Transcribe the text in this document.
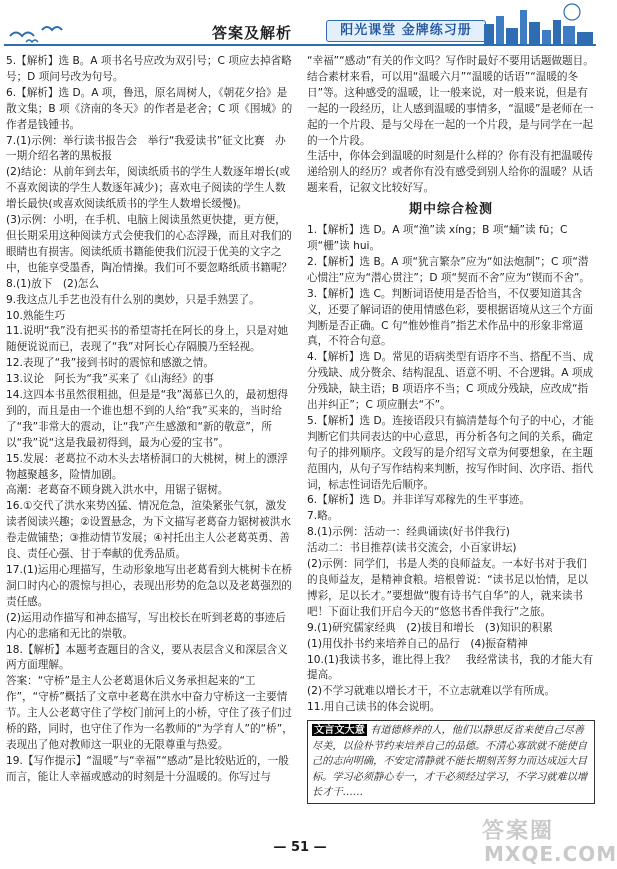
答案及解析	阳光课堂 金牌练习册

5.【解析】选 B。A 项书名号应改为双引号；C 项应去掉省略号；D 项问号改为句号。

6.【解析】选 D。A 项，鲁迅，原名周树人，《朝花夕拾》是散文集；B 项《济南的冬天》的作者是老舍；C 项《围城》的作者是钱锺书。

7.(1)示例：举行读书报告会　举行“我爱读书”征文比赛　办一期介绍名著的黑板报

(2)结论：从前年到去年，阅读纸质书的学生人数逐年增长(或不喜欢阅读的学生人数逐年减少)；喜欢电子阅读的学生人数增长最快(或喜欢阅读纸质书的学生人数增长缓慢)。

(3)示例：小明，在手机、电脑上阅读虽然更快捷，更方便，但长期采用这种阅读方式会使我们的心态浮躁，而且对我们的眼睛也有损害。阅读纸质书籍能使我们沉浸于优美的文字之中，也能享受墨香，陶冶情操。我们可不要忽略纸质书籍呢？

8.(1)放下　(2)怎么

9.我这点儿手艺也没有什么别的奥妙，只是手熟罢了。

10.熟能生巧

11.说明“我”没有把买书的希望寄托在阿长的身上，只是对她随便说说而已，表现了“我”对阿长心存隔膜乃至轻视。

12.表现了“我”接到书时的震惊和感激之情。

13.议论　阿长为“我”买来了《山海经》的事

14.这四本书虽然很粗拙，但是是“我”渴慕已久的，最初想得到的，而且是由一个谁也想不到的人给“我”买来的，当时给了“我”非常大的震动，让“我”产生感激和“新的敬意”，所以“我”说“这是我最初得到，最为心爱的宝书”。

15.发展：老葛拉不动木头去堵桥洞口的大桃树，树上的漂浮物越聚越多，险情加剧。

高潮：老葛奋不顾身跳入洪水中，用锯子锯树。

16.①交代了洪水来势凶猛、情况危急，渲染紧张气氛，激发读者阅读兴趣；②设置悬念，为下文描写老葛奋力锯树被洪水卷走做铺垫；③推动情节发展；④衬托出主人公老葛英勇、善良、责任心强、甘于奉献的优秀品质。

17.(1)运用心理描写，生动形象地写出老葛看到大桃树卡在桥洞口时内心的震惊与担心，表现出形势的危急以及老葛强烈的责任感。

(2)运用动作描写和神态描写，写出校长在听到老葛的事迹后内心的悲痛和无比的崇敬。

18.【解析】本题考查题目的含义，要从表层含义和深层含义两方面理解。

答案：“守桥”是主人公老葛退休后义务承担起来的“工作”，“守桥”概括了文章中老葛在洪水中奋力守桥这一主要情节。主人公老葛守住了学校门前河上的小桥，守住了孩子们过桥的路，同时，也守住了作为一名教师的“为学育人”的“桥”，表现出了他对教师这一职业的无限尊重与热爱。

19.【写作提示】“温暖”与“幸福”“感动”是比较贴近的，一般而言，能让人幸福或感动的时刻是十分温暖的。你写过与

“幸福”“感动”有关的作文吗？写作时最好不要用话题做题目。结合素材来看，可以用“温暖六月”“温暖的话语”“温暖的冬日”等。这种感受的温暖，让一般来说，对一般来说，但是有一起的一段经历，让人感到温暖的事情多，“温暖”是老师在一起的一个片段、是与父母在一起的一个片段，是与同学在一起的一个片段。

生活中，你体会到温暖的时刻是什么样的？你有没有把温暖传递给别人的经历？或者你有没有感受到别人给你的温暖？从话题来看，记叙文比较好写。

期中综合检测

1.【解析】选 D。A 项“渔”读 xíng；B 项“蛹”读 fū；C 项“栅”读 hui。

2.【解析】选 B。A 项“犹言繁杂”应为“如法炮制”；C 项“潜心惯注”应为“潜心贯注”；D 项“契而不舍”应为“锲而不舍”。

3.【解析】选 C。判断词语使用是否恰当，不仅要知道其含义，还要了解词语的使用情感色彩，要根据语境从这三个方面判断是否正确。C 句“惟妙惟肖”指艺术作品中的形象非常逼真，不符合句意。

4.【解析】选 D。常见的语病类型有语序不当、搭配不当、成分残缺、成分赘余、结构混乱、语意不明、不合逻辑。A 项成分残缺，缺主语；B 项语序不当；C 项成分残缺，应改成“指出并纠正”；C 项应删去“不”。

5.【解析】选 D。连接语段只有搞清楚每个句子的中心，才能判断它们共同表达的中心意思，再分析各句之间的关系，确定句子的排列顺序。文段写的是介绍写文章为何要想象，在主题范围内，从句子写作结构来判断，按写作时间、次序语、指代词，标志性词语先后顺序。

6.【解析】选 D。并非详写邓稼先的生平事迹。

7.略。

8.(1)示例：活动一：经典诵读(好书伴我行)

活动二：书目推荐(读书交流会，小百家讲坛)

(2)示例：同学们，书是人类的良师益友。一本好书对于我们的良师益友，是精神食粮。培根曾说：“读书足以怡情，足以博彩，足以长才。”要想做“腹有诗书气自华”的人，就来读书吧！下面让我们开启今天的“悠悠书香伴我行”之旅。

9.(1)研究儒家经典　(2)拔目和增长　(3)知识的积累

(1)用伐扑书约来培养自己的品行　(4)振奋精神

10.(1)我读书多，谁比得上我？　我经常读书，我的才能大有提高。

(2)不学习就难以增长才干，不立志就难以学有所成。

11.用自己读书的体会说明。

文言文大意 有道德修养的人，他们以静思反省来使自己尽善尽美，以俭朴节约来培养自己的品德。不清心寡欲就不能使自己的志向明确，不安定清静就不能长期刻苦努力而达成远大目标。学习必须静心专一，才干必须经过学习，不学习就难以增长才干……
— 51 —
答案圈
MXQE.COM
